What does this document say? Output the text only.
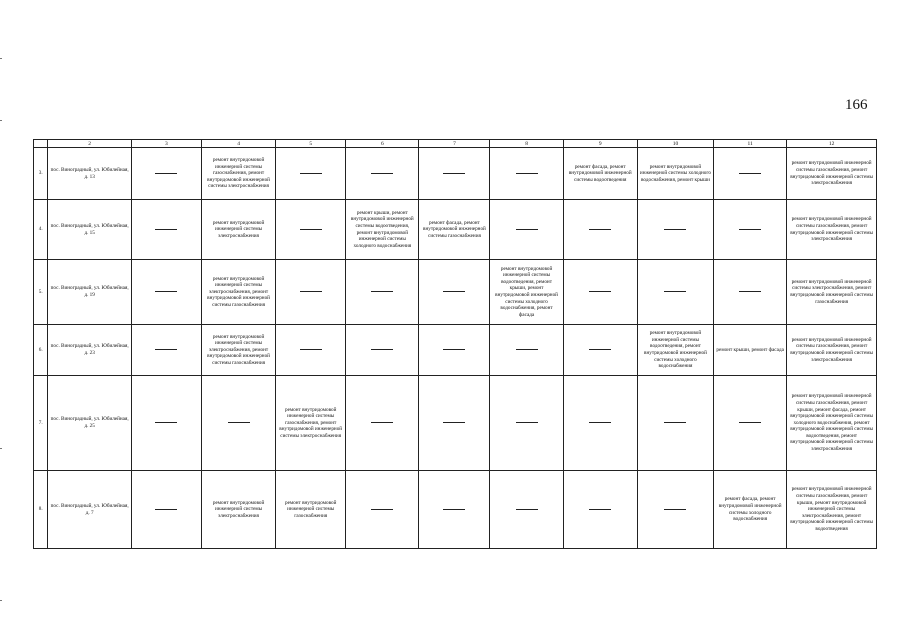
166
	2	3	4	5	6	7	8	9	10	11	12
3.	пос. Виноградный, ул. Юбилейная, д. 13		ремонт внутридомовой инженерной системы газоснабжения, ремонт внутридомовой инженерной системы электроснабжения					ремонт фасада, ремонт внутридомовой инженерной системы водоотведения	ремонт внутридомовой инженерной системы холодного водоснабжения, ремонт крыши		ремонт внутридомовой инженерной системы газоснабжения, ремонт внутридомовой инженерной системы электроснабжения

4.	пос. Виноградный, ул. Юбилейная, д. 15		ремонт внутридомовой инженерной системы электроснабжения		ремонт крыши, ремонт внутридомовой инженерной системы водоотведения, ремонт внутридомовой инженерной системы холодного водоснабжения	ремонт фасада, ремонт внутридомовой инженерной системы газоснабжения					ремонт внутридомовой инженерной системы газоснабжения, ремонт внутридомовой инженерной системы электроснабжения

5.	пос. Виноградный, ул. Юбилейная, д. 19		ремонт внутридомовой инженерной системы электроснабжения, ремонт внутридомовой инженерной системы газоснабжения				ремонт внутридомовой инженерной системы водоотведения, ремонт крыши, ремонт внутридомовой инженерной системы холодного водоснабжения, ремонт фасада				ремонт внутридомовой инженерной системы электроснабжения, ремонт внутридомовой инженерной системы газоснабжения

6.	пос. Виноградный, ул. Юбилейная, д. 23		ремонт внутридомовой инженерной системы электроснабжения, ремонт внутридомовой инженерной системы газоснабжения						ремонт внутридомовой инженерной системы водоотведения, ремонт внутридомовой инженерной системы холодного водоснабжения	ремонт крыши, ремонт фасада	ремонт внутридомовой инженерной системы газоснабжения, ремонт внутридомовой инженерной системы электроснабжения

7.	пос. Виноградный, ул. Юбилейная, д. 25			ремонт внутридомовой инженерной системы газоснабжения, ремонт внутридомовой инженерной системы электроснабжения							ремонт внутридомовой инженерной системы газоснабжения, ремонт крыши, ремонт фасада, ремонт внутридомовой инженерной системы холодного водоснабжения, ремонт внутридомовой инженерной системы водоотведения, ремонт внутридомовой инженерной системы электроснабжения

8.	пос. Виноградный, ул. Юбилейная, д. 7		ремонт внутридомовой инженерной системы электроснабжения	ремонт внутридомовой инженерной системы газоснабжения						ремонт фасада, ремонт внутридомовой инженерной системы холодного водоснабжения	ремонт внутридомовой инженерной системы газоснабжения, ремонт крыши, ремонт внутридомовой инженерной системы электроснабжения, ремонт внутридомовой инженерной системы водоотведения
